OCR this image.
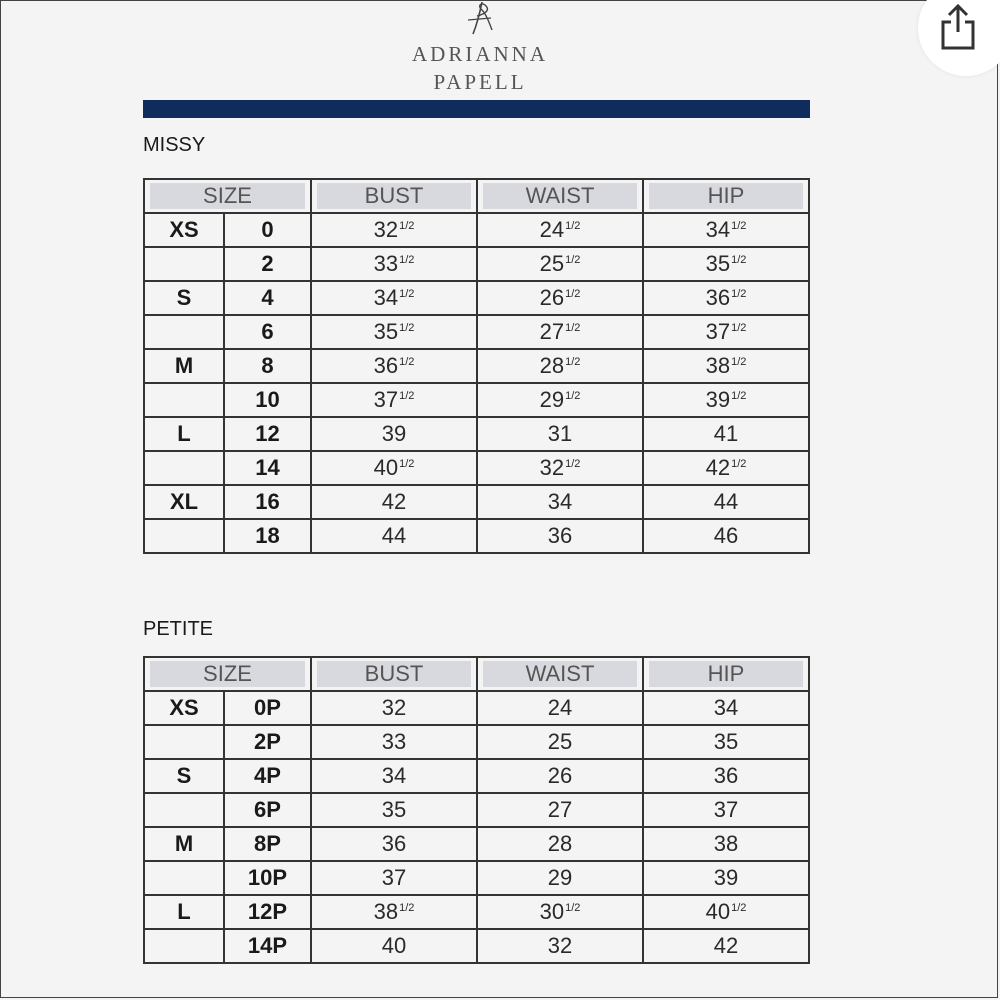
ADRIANNA
PAPELL
MISSY
SIZE		BUST	WAIST	HIP

XS	0	$32^{1/2}$	$24^{1/2}$	$34^{1/2}$
	2	$33^{1/2}$	$25^{1/2}$	$35^{1/2}$
S	4	$34^{1/2}$	$26^{1/2}$	$36^{1/2}$
	6	$35^{1/2}$	$27^{1/2}$	$37^{1/2}$
M	8	$36^{1/2}$	$28^{1/2}$	$38^{1/2}$
	10	$37^{1/2}$	$29^{1/2}$	$39^{1/2}$
L	12	39	31	41
	14	$40^{1/2}$	$32^{1/2}$	$42^{1/2}$
XL	16	42	34	44
	18	44	36	46
PETITE
SIZE		BUST	WAIST	HIP

XS	0P	32	24	34
	2P	33	25	35
S	4P	34	26	36
	6P	35	27	37
M	8P	36	28	38
	10P	37	29	39
L	12P	$38^{1/2}$	$30^{1/2}$	$40^{1/2}$
	14P	40	32	42
